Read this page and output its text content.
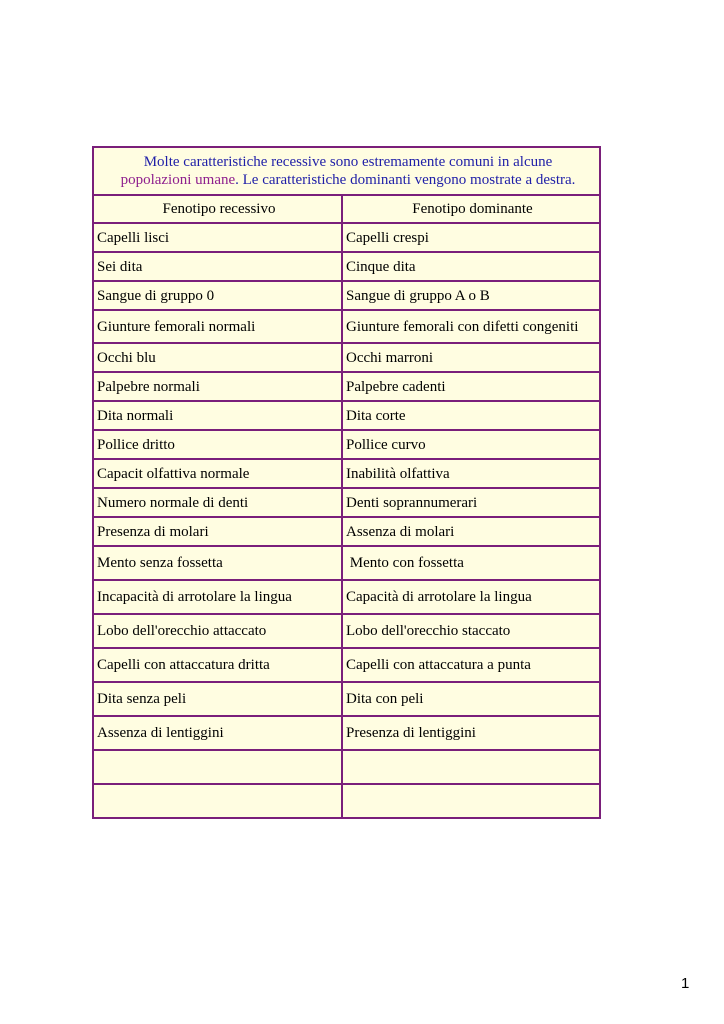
Molte caratteristiche recessive sono estremamente comuni in alcune
popolazioni umane. Le caratteristiche dominanti vengono mostrate a destra.	
Fenotipo recessivo	Fenotipo dominante
Capelli lisci	Capelli crespi
Sei dita	Cinque dita
Sangue di gruppo 0	Sangue di gruppo A o B
Giunture femorali normali	Giunture femorali con difetti congeniti
Occhi blu	Occhi marroni
Palpebre normali	Palpebre cadenti
Dita normali	Dita corte
Pollice dritto	Pollice curvo
Capacit olfattiva normale	Inabilità olfattiva
Numero normale di denti	Denti soprannumerari
Presenza di molari	Assenza di molari
Mento senza fossetta	Mento con fossetta
Incapacità di arrotolare la lingua	Capacità di arrotolare la lingua
Lobo dell'orecchio attaccato	Lobo dell'orecchio staccato
Capelli con attaccatura dritta	Capelli con attaccatura a punta
Dita senza peli	Dita con peli
Assenza di lentiggini	Presenza di lentiggini

1
